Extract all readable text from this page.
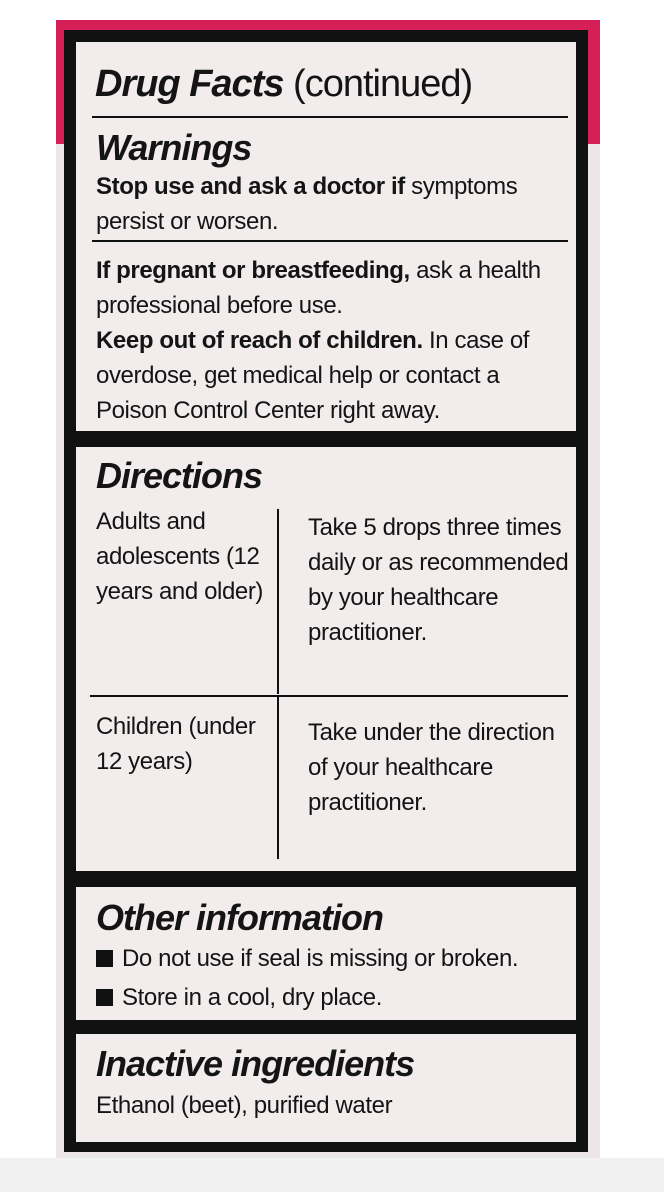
Drug Facts (continued)
Warnings
Stop use and ask a doctor if symptoms persist or worsen.
If pregnant or breastfeeding, ask a health professional before use.
Keep out of reach of children. In case of overdose, get medical help or contact a Poison Control Center right away.
Directions
Adults and adolescents (12 years and older)
Take 5 drops three times daily or as recommended by your healthcare practitioner.
Children (under 12 years)
Take under the direction of your healthcare practitioner.
Other information
Do not use if seal is missing or broken.
Store in a cool, dry place.
Inactive ingredients
Ethanol (beet), purified water
